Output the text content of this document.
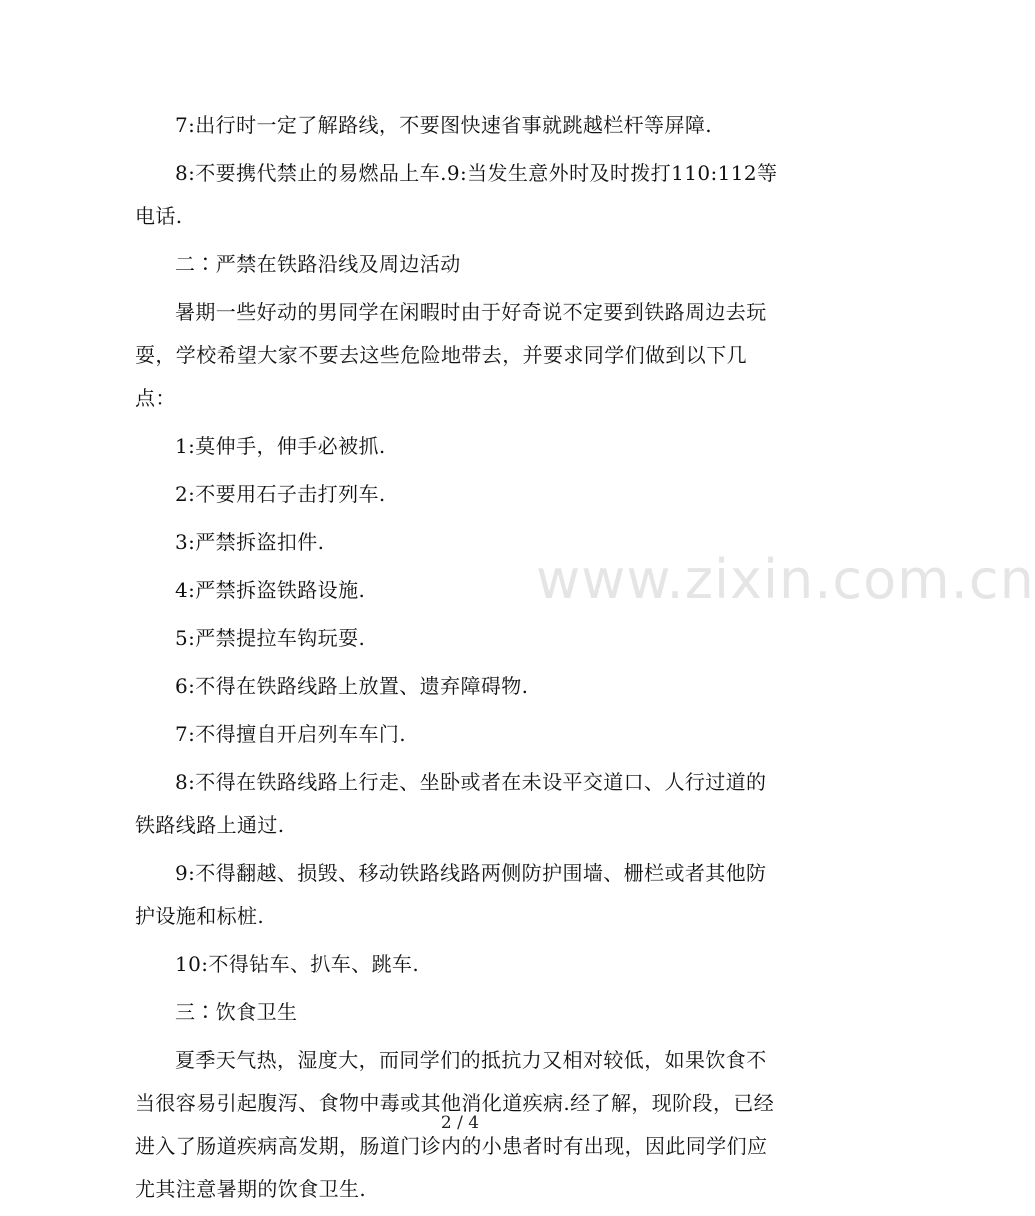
7:出行时一定了解路线，不要图快速省事就跳越栏杆等屏障.

8:不要携代禁止的易燃品上车.9:当发生意外时及时拨打110:112等电话.

二∶严禁在铁路沿线及周边活动

暑期一些好动的男同学在闲暇时由于好奇说不定要到铁路周边去玩耍，学校希望大家不要去这些危险地带去，并要求同学们做到以下几点：

1:莫伸手，伸手必被抓.

2:不要用石子击打列车.

3:严禁拆盗扣件.

4:严禁拆盗铁路设施.

5:严禁提拉车钩玩耍.

6:不得在铁路线路上放置、遗弃障碍物.

7:不得擅自开启列车车门.

8:不得在铁路线路上行走、坐卧或者在未设平交道口、人行过道的铁路线路上通过.

9:不得翻越、损毁、移动铁路线路两侧防护围墙、栅栏或者其他防护设施和标桩.

10:不得钻车、扒车、跳车.

三∶饮食卫生

夏季天气热，湿度大，而同学们的抵抗力又相对较低，如果饮食不当很容易引起腹泻、食物中毒或其他消化道疾病.经了解，现阶段，已经进入了肠道疾病高发期，肠道门诊内的小患者时有出现，因此同学们应尤其注意暑期的饮食卫生.

www.zixin.com.cn
2 / 4
